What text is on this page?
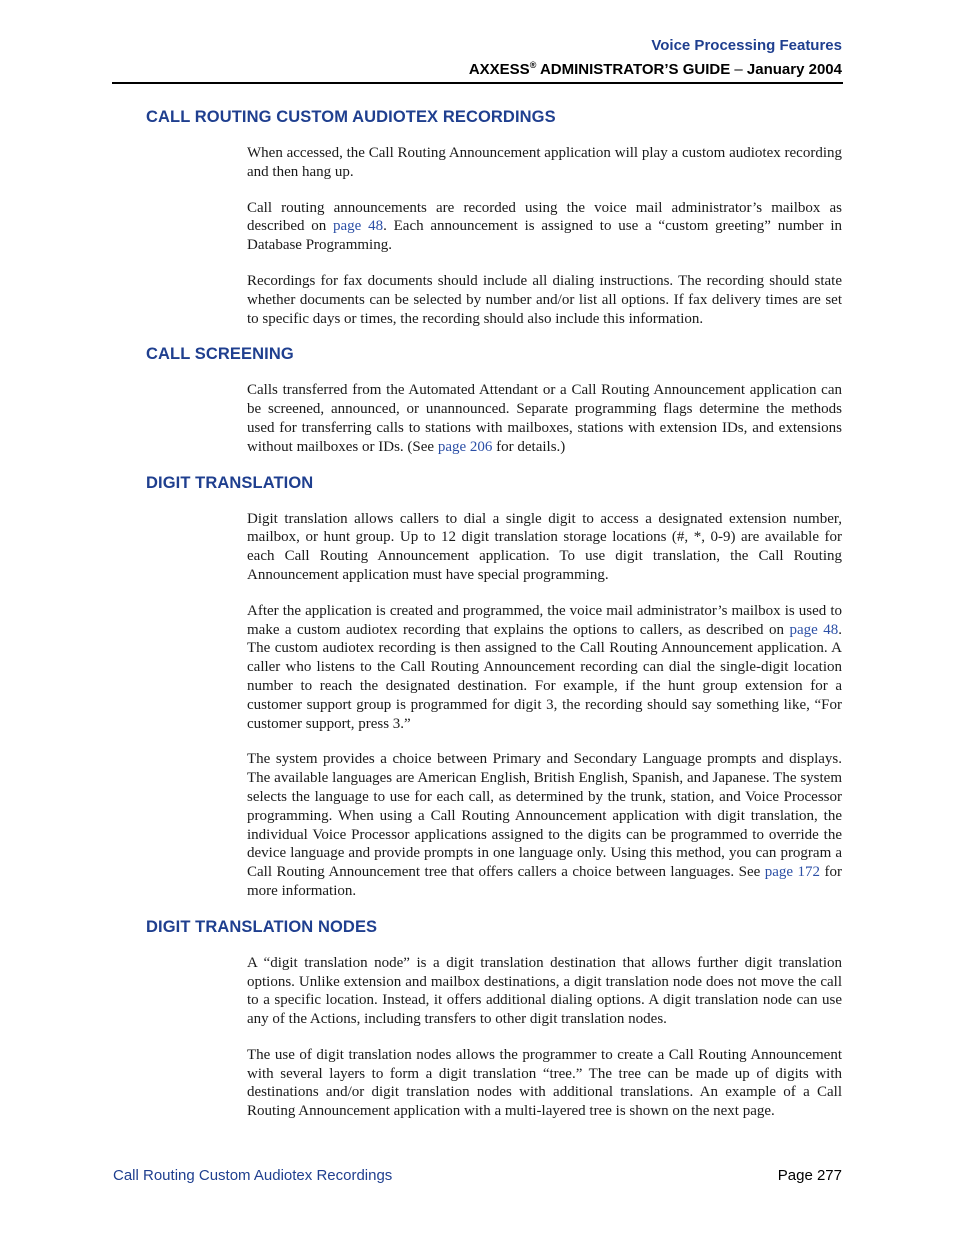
Voice Processing Features
AXXESS® ADMINISTRATOR’S GUIDE – January 2004
CALL ROUTING CUSTOM AUDIOTEX RECORDINGS

When accessed, the Call Routing Announcement application will play a custom audiotex recording and then hang up.

Call routing announcements are recorded using the voice mail administrator’s mailbox as described on page 48. Each announcement is assigned to use a “custom greeting” number in Database Programming.

Recordings for fax documents should include all dialing instructions. The recording should state whether documents can be selected by number and/or list all options. If fax delivery times are set to specific days or times, the recording should also include this information.

CALL SCREENING

Calls transferred from the Automated Attendant or a Call Routing Announcement application can be screened, announced, or unannounced. Separate programming flags determine the methods used for transferring calls to stations with mailboxes, stations with extension IDs, and extensions without mailboxes or IDs. (See page 206 for details.)

DIGIT TRANSLATION

Digit translation allows callers to dial a single digit to access a designated extension number, mailbox, or hunt group. Up to 12 digit translation storage locations (#, *, 0-9) are available for each Call Routing Announcement application. To use digit translation, the Call Routing Announcement application must have special programming.

After the application is created and programmed, the voice mail administrator’s mailbox is used to make a custom audiotex recording that explains the options to callers, as described on page 48. The custom audiotex recording is then assigned to the Call Routing Announcement application. A caller who listens to the Call Routing Announcement recording can dial the single-digit location number to reach the designated destination. For example, if the hunt group extension for a customer support group is programmed for digit 3, the recording should say something like, “For customer support, press 3.”

The system provides a choice between Primary and Secondary Language prompts and displays. The available languages are American English, British English, Spanish, and Japanese. The system selects the language to use for each call, as determined by the trunk, station, and Voice Processor programming. When using a Call Routing Announcement application with digit translation, the individual Voice Processor applications assigned to the digits can be programmed to override the device language and provide prompts in one language only. Using this method, you can program a Call Routing Announcement tree that offers callers a choice between languages. See page 172 for more information.

DIGIT TRANSLATION NODES

A “digit translation node” is a digit translation destination that allows further digit translation options. Unlike extension and mailbox destinations, a digit translation node does not move the call to a specific location. Instead, it offers additional dialing options. A digit translation node can use any of the Actions, including transfers to other digit translation nodes.

The use of digit translation nodes allows the programmer to create a Call Routing Announcement with several layers to form a digit translation “tree.” The tree can be made up of digits with destinations and/or digit translation nodes with additional translations. An example of a Call Routing Announcement application with a multi-layered tree is shown on the next page.

Call Routing Custom Audiotex Recordings	Page 277
